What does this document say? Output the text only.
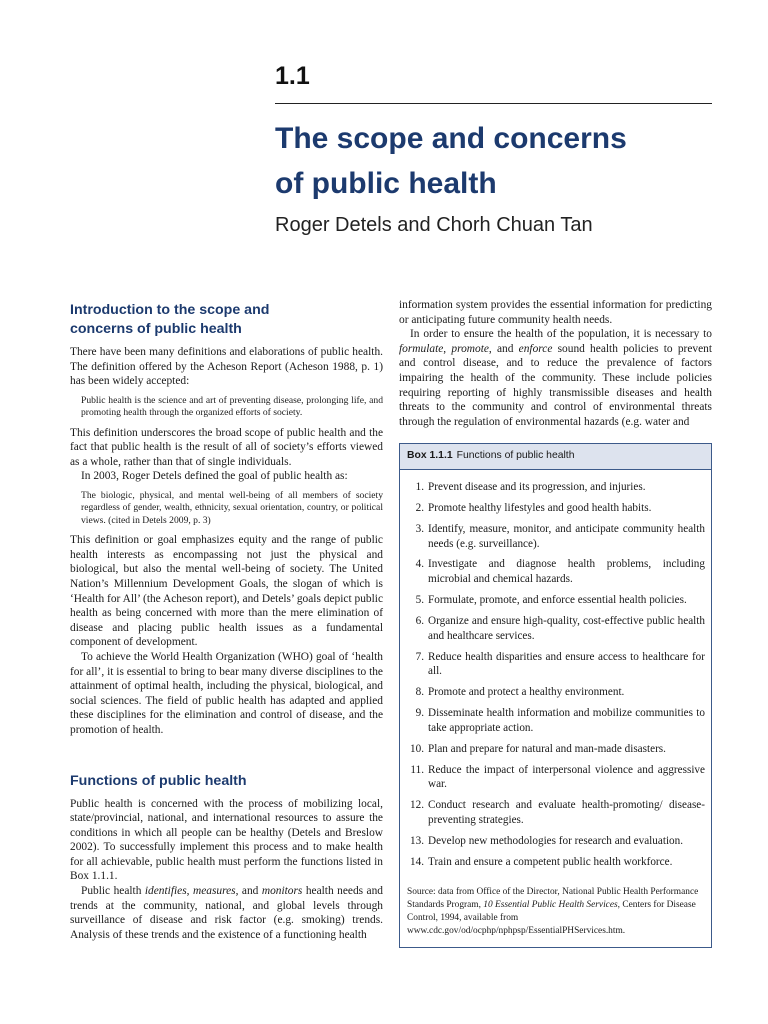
1.1
The scope and concerns
of public health
Roger Detels and Chorh Chuan Tan
Introduction to the scope and
concerns of public health

There have been many definitions and elaborations of public health. The definition offered by the Acheson Report (Acheson 1988, p. 1) has been widely accepted:

Public health is the science and art of preventing disease, prolonging life, and promoting health through the organized efforts of society.

This definition underscores the broad scope of public health and the fact that public health is the result of all of society’s efforts viewed as a whole, rather than that of single individuals.

In 2003, Roger Detels defined the goal of public health as:

The biologic, physical, and mental well-being of all members of society regardless of gender, wealth, ethnicity, sexual orientation, country, or political views. (cited in Detels 2009, p. 3)

This definition or goal emphasizes equity and the range of public health interests as encompassing not just the physical and biological, but also the mental well-being of society. The United Nation’s Millennium Development Goals, the slogan of which is ‘Health for All’ (the Acheson report), and Detels’ goals depict public health as being concerned with more than the mere elimination of disease and placing public health issues as a fundamental component of development.

To achieve the World Health Organization (WHO) goal of ‘health for all’, it is essential to bring to bear many diverse disciplines to the attainment of optimal health, including the physical, biological, and social sciences. The field of public health has adapted and applied these disciplines for the elimination and control of disease, and the promotion of health.

Functions of public health

Public health is concerned with the process of mobilizing local, state/provincial, national, and international resources to assure the conditions in which all people can be healthy (Detels and Breslow 2002). To successfully implement this process and to make health for all achievable, public health must perform the functions listed in Box 1.1.1.

Public health identifies, measures, and monitors health needs and trends at the community, national, and global levels through surveillance of disease and risk factor (e.g. smoking) trends. Analysis of these trends and the existence of a functioning health

information system provides the essential information for predicting or anticipating future community health needs.

In order to ensure the health of the population, it is necessary to formulate, promote, and enforce sound health policies to prevent and control disease, and to reduce the prevalence of factors impairing the health of the community. These include policies requiring reporting of highly transmissible diseases and health threats to the community and control of environmental threats through the regulation of environmental hazards (e.g. water and

Box 1.1.1 Functions of public health
1. Prevent disease and its progression, and injuries.
2. Promote healthy lifestyles and good health habits.
3. Identify, measure, monitor, and anticipate community health needs (e.g. surveillance).
4. Investigate and diagnose health problems, including microbial and chemical hazards.
5. Formulate, promote, and enforce essential health policies.
6. Organize and ensure high-quality, cost-effective public health and healthcare services.
7. Reduce health disparities and ensure access to healthcare for all.
8. Promote and protect a healthy environment.
9. Disseminate health information and mobilize communities to take appropriate action.
10. Plan and prepare for natural and man-made disasters.
11. Reduce the impact of interpersonal violence and aggressive war.
12. Conduct research and evaluate health-promoting/ disease-preventing strategies.
13. Develop new methodologies for research and evaluation.
14. Train and ensure a competent public health workforce.

Source: data from Office of the Director, National Public Health Performance Standards Program, 10 Essential Public Health Services, Centers for Disease Control, 1994, available from www.cdc.gov/od/ocphp/nphpsp/EssentialPHServices.htm.
